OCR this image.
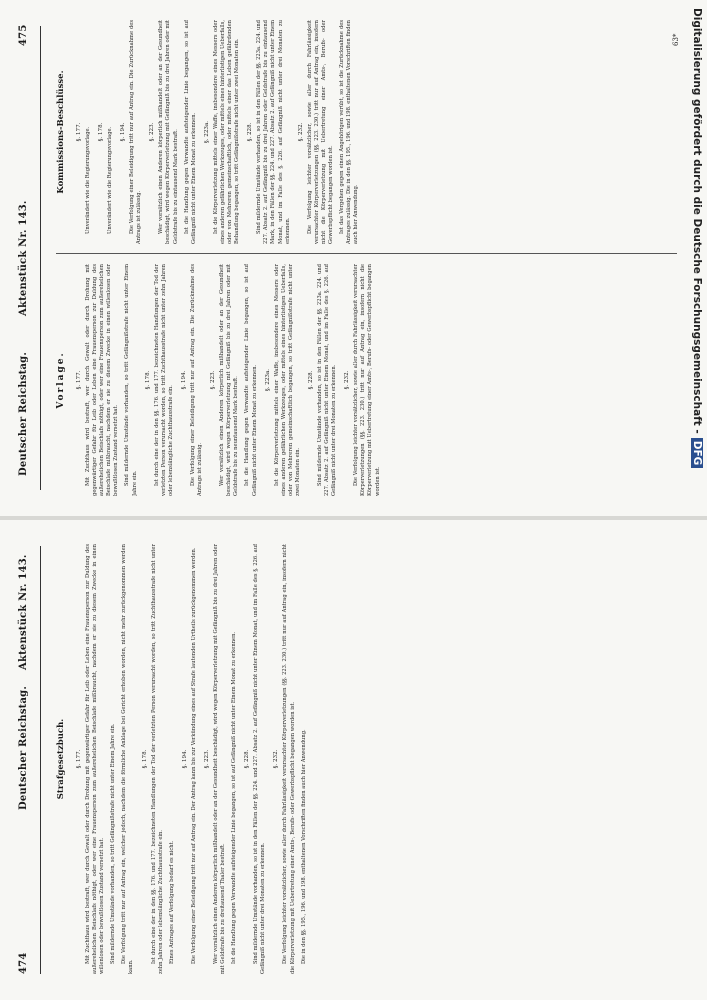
474
Deutscher Reichstag.
Aktenstück Nr. 143.
Strafgesetzbuch. §. 177. Mit Zuchthaus wird bestraft, wer durch Gewalt oder durch Drohung mit gegenwärtiger Gefahr für Leib oder Leben eine Frauensperson zur Duldung des außerehelichen Beischlafs nöthigt, oder wer eine Frauensperson zum außerehelichen Beischlafe mißbraucht, nachdem er sie zu diesem Zwecke in einen willenlosen oder bewußtlosen Zustand versetzt hat. Sind mildernde Umstände vorhanden, so tritt Gefängnißstrafe nicht unter Einem Jahre ein. Die Verfolgung tritt nur auf Antrag ein, welcher jedoch, nachdem die förmliche Anklage bei Gericht erhoben worden, nicht mehr zurückgenommen werden kann.
§. 178. Ist durch eine der in den §§. 176. und 177. bezeichneten Handlungen der Tod der verletzten Person verursacht worden, so tritt Zuchthausstrafe nicht unter zehn Jahren oder lebenslängliche Zuchthausstrafe ein. Eines Antrages auf Verfolgung bedarf es nicht.
§. 194. Die Verfolgung einer Beleidigung tritt nur auf Antrag ein. Der Antrag kann bis zur Verkündung eines auf Strafe lautenden Urtheils zurückgenommen werden. §. 223. Wer vorsätzlich einen Anderen körperlich mißhandelt oder an der Gesundheit beschädigt, wird wegen Körperverletzung mit Gefängniß bis zu drei Jahren oder mit Geldstrafe bis zu dreitausend Thaler bestraft. Ist die Handlung gegen Verwandte aufsteigender Linie begangen, so ist auf Gefängniß nicht unter Einem Monat zu erkennen. §. 228. Sind mildernde Umstände vorhanden, so ist in den Fällen der §§. 224. und 227. Absatz 2. auf Gefängniß nicht unter Einem Monat, und im Falle des §. 226. auf Gefängniß nicht unter drei Monaten zu erkennen.
§. 232. Die Verfolgung leichter vorsätzlicher, sowie aller durch Fahrlässigkeit verursachter Körperverletzungen (§§. 223. 230.) tritt nur auf Antrag ein, insofern nicht die Körperverletzung mit Uebertretung einer Amts-, Berufs- oder Gewerbspflicht begangen worden ist. Die in den §§. 195., 196. und 198. enthaltenen Vorschriften finden auch hier Anwendung.
Deutscher Reichstag.
Aktenstück Nr. 143.
475
Vorlage. §. 177. Mit Zuchthaus wird bestraft, wer durch Gewalt oder durch Drohung mit gegenwärtiger Gefahr für Leib oder Leben eine Frauensperson zur Duldung des außerehelichen Beischlafs nöthigt, oder wer eine Frauensperson zum außerehelichen Beischlafe mißbraucht, nachdem er sie zu diesem Zwecke in einen willenlosen oder bewußtlosen Zustand versetzt hat. Sind mildernde Umstände vorhanden, so tritt Gefängnißstrafe nicht unter Einem Jahre ein.
§. 178. Ist durch eine der in den §§. 176. und 177. bezeichneten Handlungen der Tod der verletzten Person verursacht worden, so tritt Zuchthausstrafe nicht unter zehn Jahren oder lebenslängliche Zuchthausstrafe ein.
§. 194. Die Verfolgung einer Beleidigung tritt nur auf Antrag ein. Die Zurücknahme des Antrags ist zulässig.
§. 223. Wer vorsätzlich einen Anderen körperlich mißhandelt oder an der Gesundheit beschädigt, wird wegen Körperverletzung mit Gefängniß bis zu drei Jahren oder mit Geldstrafe bis zu neuntausend Mark bestraft. Ist die Handlung gegen Verwandte aufsteigender Linie begangen, so ist auf Gefängniß nicht unter Einem Monat zu erkennen. §. 223a. Ist die Körperverletzung mittels einer Waffe, insbesondere eines Messers oder eines anderen gefährlichen Werkzeuges, oder mittels eines hinterlistigen Ueberfalls, oder von Mehreren gemeinschaftlich begangen, so tritt Gefängnißstrafe nicht unter zwei Monaten ein.
§. 228. Sind mildernde Umstände vorhanden, so ist in den Fällen der §§. 223a. 224. und 227. Absatz 2. auf Gefängniß nicht unter Einem Monat, und im Falle des §. 226. auf Gefängniß nicht unter drei Monaten zu erkennen. §. 232. Die Verfolgung leichter vorsätzlicher, sowie aller durch Fahrlässigkeit verursachter Körperverletzungen (§§. 223. 230.) tritt nur auf Antrag ein, insofern nicht die Körperverletzung mit Uebertretung einer Amts-, Berufs- oder Gewerbspflicht begangen worden ist.
Kommissions-Beschlüsse. §. 177. Unverändert wie die Regierungsvorlage. §. 178. Unverändert wie die Regierungsvorlage. §. 194. Die Verfolgung einer Beleidigung tritt nur auf Antrag ein. Die Zurücknahme des Antrags ist zulässig.
§. 223. Wer vorsätzlich einen Anderen körperlich mißhandelt oder an der Gesundheit beschädigt, wird wegen Körperverletzung mit Gefängniß bis zu drei Jahren oder mit Geldstrafe bis zu eintausend Mark bestraft. Ist die Handlung gegen Verwandte aufsteigender Linie begangen, so ist auf Gefängniß nicht unter Einem Monat zu erkennen. §. 223a. Ist die Körperverletzung mittels einer Waffe, insbesondere eines Messers oder eines anderen gefährlichen Werkzeuges, oder mittels eines hinterlistigen Ueberfalls, oder von Mehreren gemeinschaftlich, oder mittels einer das Leben gefährdenden Behandlung begangen, so tritt Gefängnißstrafe nicht unter zwei Monaten ein. §. 228. Sind mildernde Umstände vorhanden, so ist in den Fällen der §§. 223a. 224. und 227. Absatz 2. auf Gefängniß bis zu drei Jahren oder Geldstrafe bis zu eintausend Mark, in den Fällen der §§. 224. und 227. Absatz 2. auf Gefängniß nicht unter Einem Monat, und im Falle des §. 226. auf Gefängniß nicht unter drei Monaten zu erkennen.
§. 232. Die Verfolgung leichter vorsätzlicher, sowie aller durch Fahrlässigkeit verursachter Körperverletzungen (§§. 223. 230.) tritt nur auf Antrag ein, insofern nicht die Körperverletzung mit Uebertretung einer Amts-, Berufs- oder Gewerbspflicht begangen worden ist. Ist das Vergehen gegen einen Angehörigen verübt, so ist die Zurücknahme des Antrages zulässig. Die in den §§. 195., 196. und 198. enthaltenen Vorschriften finden auch hier Anwendung.
63*	Digitalisierung gefördert durch die Deutsche Forschungsgemeinschaft -DFG
